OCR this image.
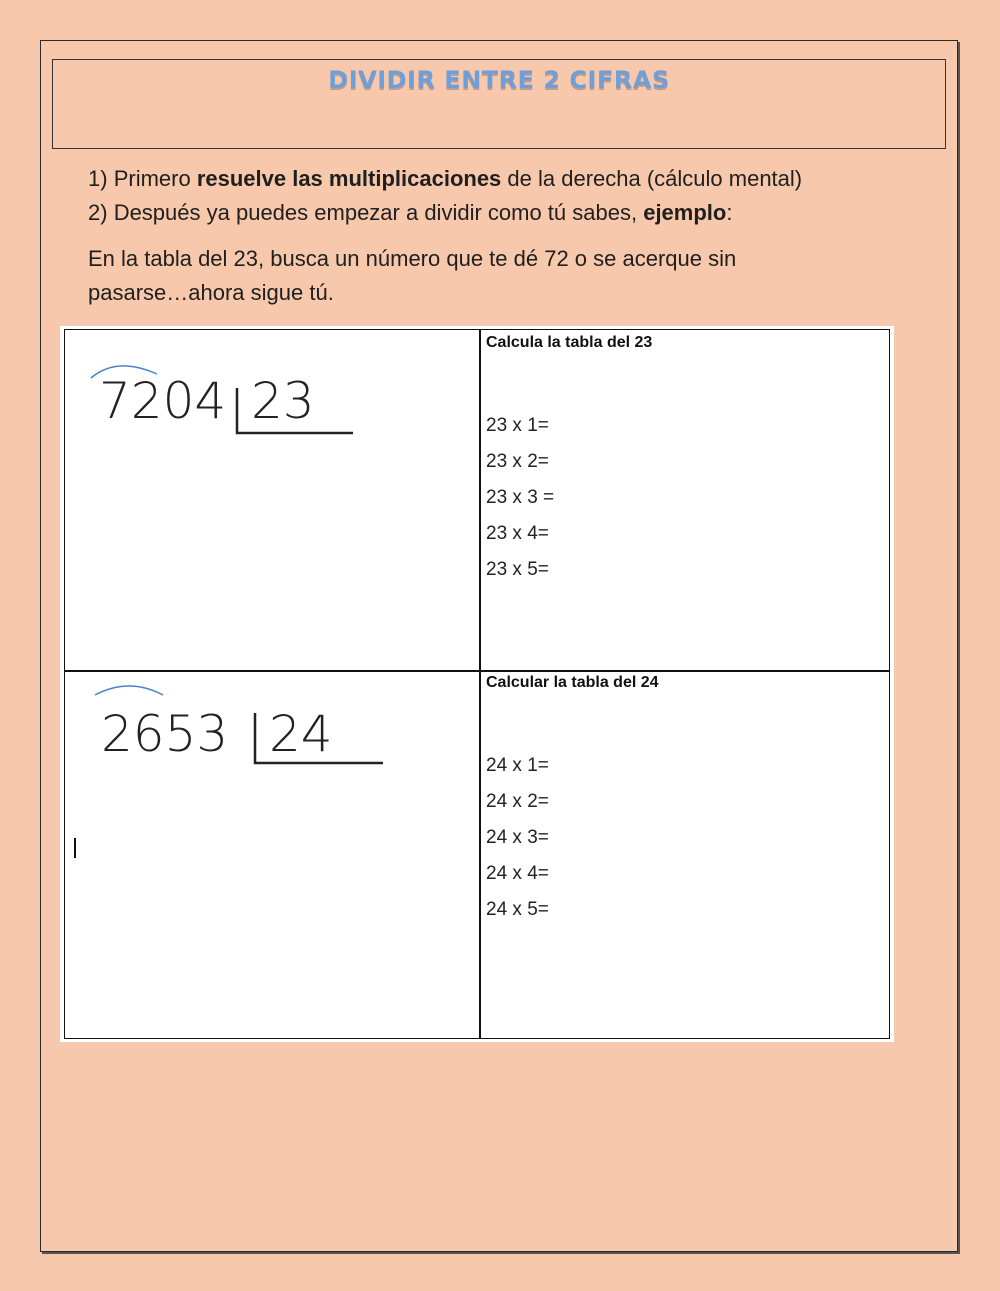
DIVIDIR ENTRE 2 CIFRAS
1) Primero resuelve las multiplicaciones de la derecha (cálculo mental)
2) Después ya puedes empezar a dividir como tú sabes, ejemplo:

En la tabla del 23, busca un número que te dé 72 o se acerque sin pasarse…ahora sigue tú.

7204 23
Calcula la tabla del 23
23 x 1=
23 x 2=
23 x 3 =
23 x 4=
23 x 5=
2653 24
Calcular la tabla del 24
24 x 1=
24 x 2=
24 x 3=
24 x 4=
24 x 5=
